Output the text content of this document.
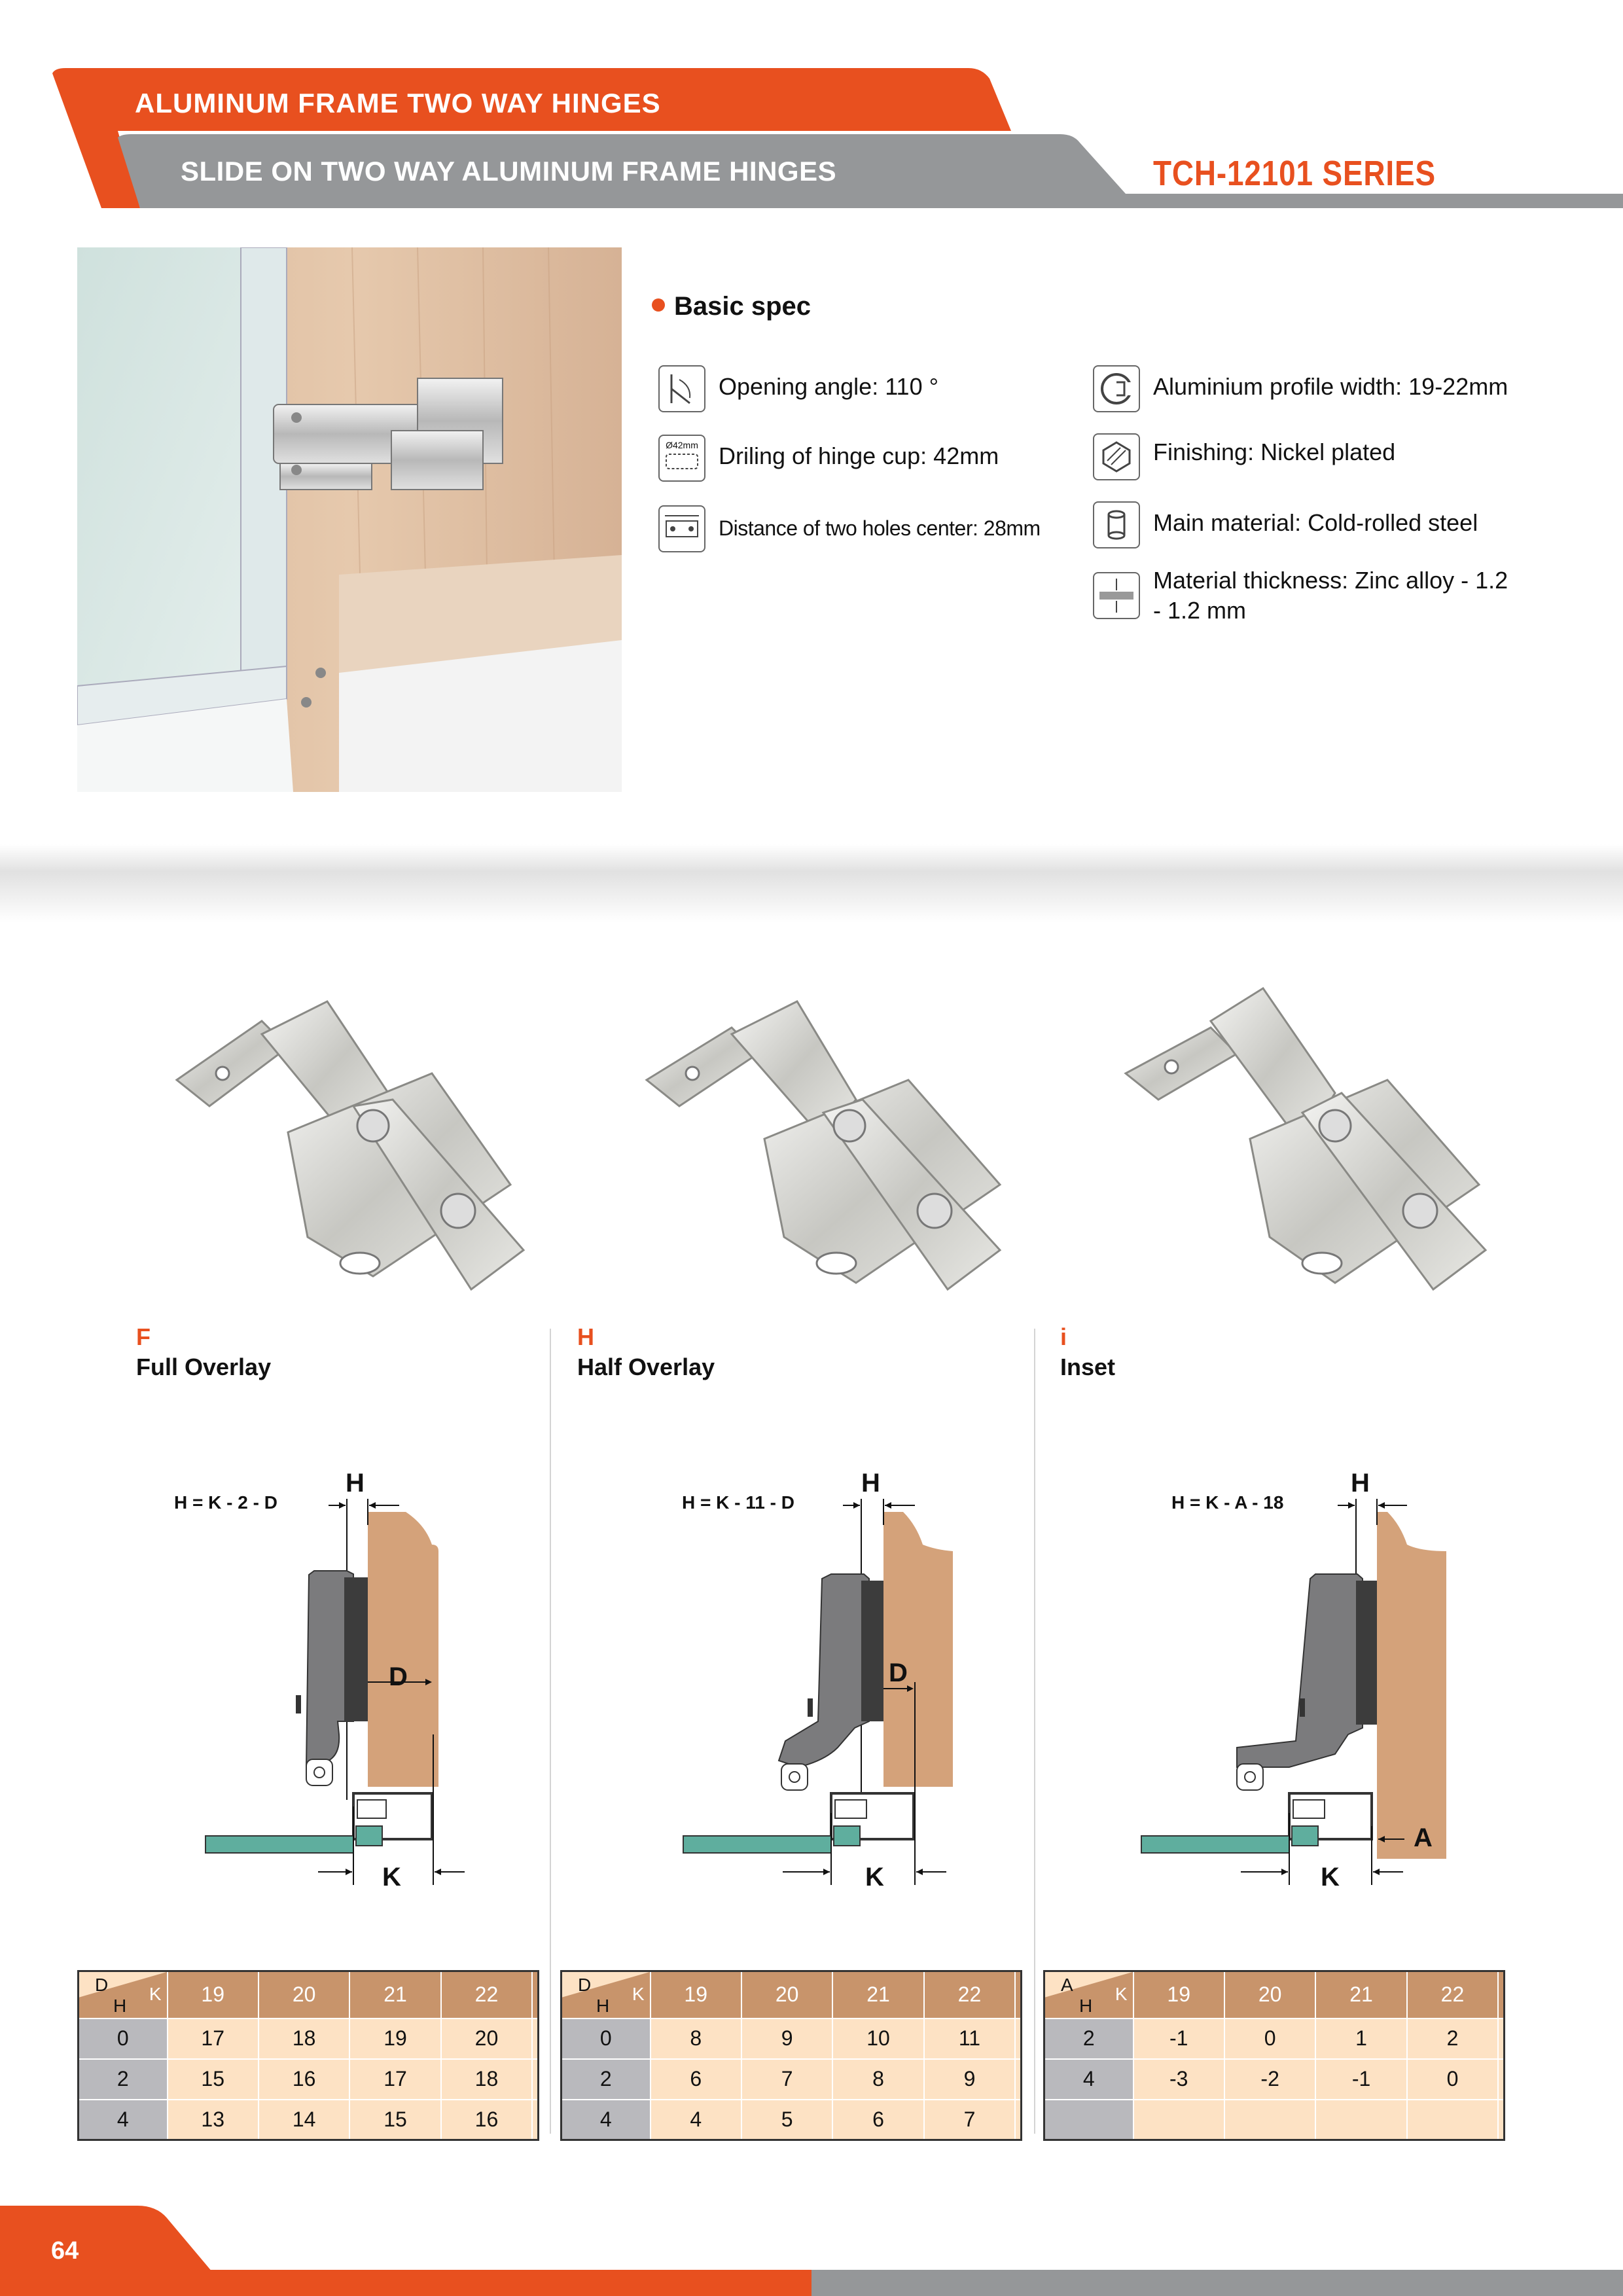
ALUMINUM FRAME TWO WAY HINGES
SLIDE ON TWO WAY ALUMINUM FRAME HINGES	TCH-12101 SERIES
Basic spec
Opening angle: 110 °
Ø42mm Driling of hinge cup: 42mm
Distance of two holes center: 28mm
Aluminium profile width: 19-22mm
Finishing: Nickel plated
Main material: Cold-rolled steel
Material thickness: Zinc alloy - 1.2 - 1.2 mm
F
Full Overlay
H
Half Overlay
i
Inset
H = K - 2 - D
H
D
K
H = K - 11 - D
H
D
K
H = K - A - 18
H
A
K
D K
H	19	20	21	22	
0	17	18	19	20	
2	15	16	17	18	
4	13	14	15	16	
D K
H	19	20	21	22	
0	8	9	10	11	
2	6	7	8	9	
4	4	5	6	7	
A K
H	19	20	21	22	
2	-1	0	1	2	
4	-3	-2	-1	0	

64
